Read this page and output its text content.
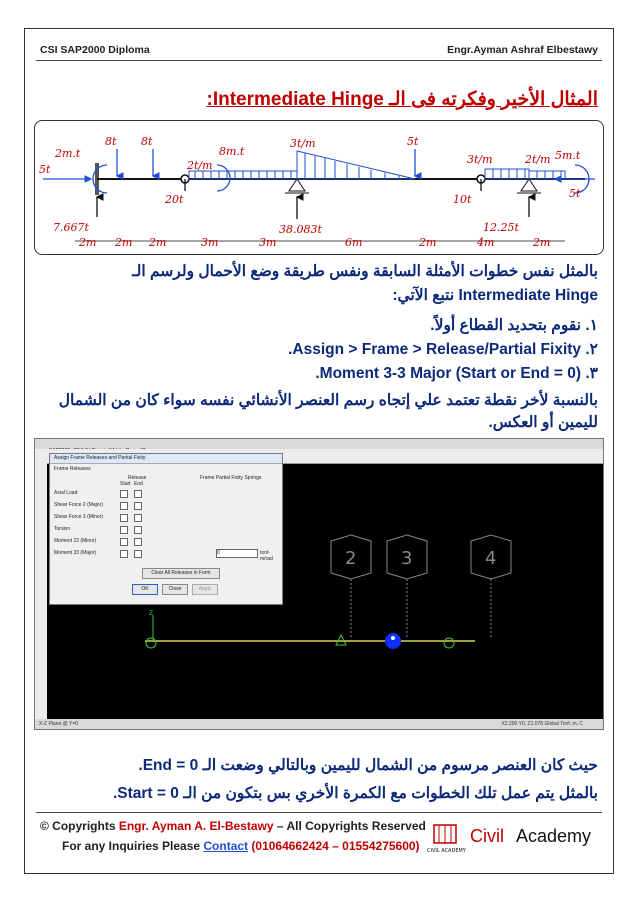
CSI SAP2000 Diploma	Engr.Ayman Ashraf Elbestawy
المثال الأخير وفكرته فى الـ Intermediate Hinge:
2m.t
8t 8t
8m.t
2t/m
3t/m	5t
3t/m	2t/m 5m.t
5t
5t
7.667t
20t
38.083t
10t
12.25t
2m 2m 2m	3m	3m	6m	2m	4m	2m
بالمثل نفس خطوات الأمثلة السابقة ونفس طريقة وضع الأحمال ولرسم الـ
Intermediate Hinge نتبع الآتي:
١. نقوم بتحديد القطاع أولاً.
٢. Assign > Frame > Release/Partial Fixity.
٣. Moment 3-3 Major (Start or End = 0).
بالنسبة لأخر نقطة تعتمد علي إتجاه رسم العنصر الأنشائي نفسه سواء كان من الشمال لليمين أو العكس.
Z
2 3	4
Assign Frame Releases and Partial Fixity
Frame Releases
Release	Frame Partial Fixity Springs
Start End
Axial Load
Shear Force 2 (Major)
Shear Force 3 (Minor)
Torsion
Moment 22 (Minor)
Moment 33 (Major)	0	tonf-m/rad
Clear All Releases in Form
OK	Close	Apply
X-Z Plane @ Y=0	X3.200 Y0, Z1.078 Global Tonf, m, C
حيث كان العنصر مرسوم من الشمال لليمين وبالتالي وضعت الـ End = 0.
بالمثل يتم عمل تلك الخطوات مع الكمرة الأخري بس بتكون من الـ Start = 0.
© Copyrights Engr. Ayman A. El-Bestawy – All Copyrights Reserved
For any Inquiries Please Contact (01064662424 – 01554275600) CIVIL ACADEMY
Civil Academy
